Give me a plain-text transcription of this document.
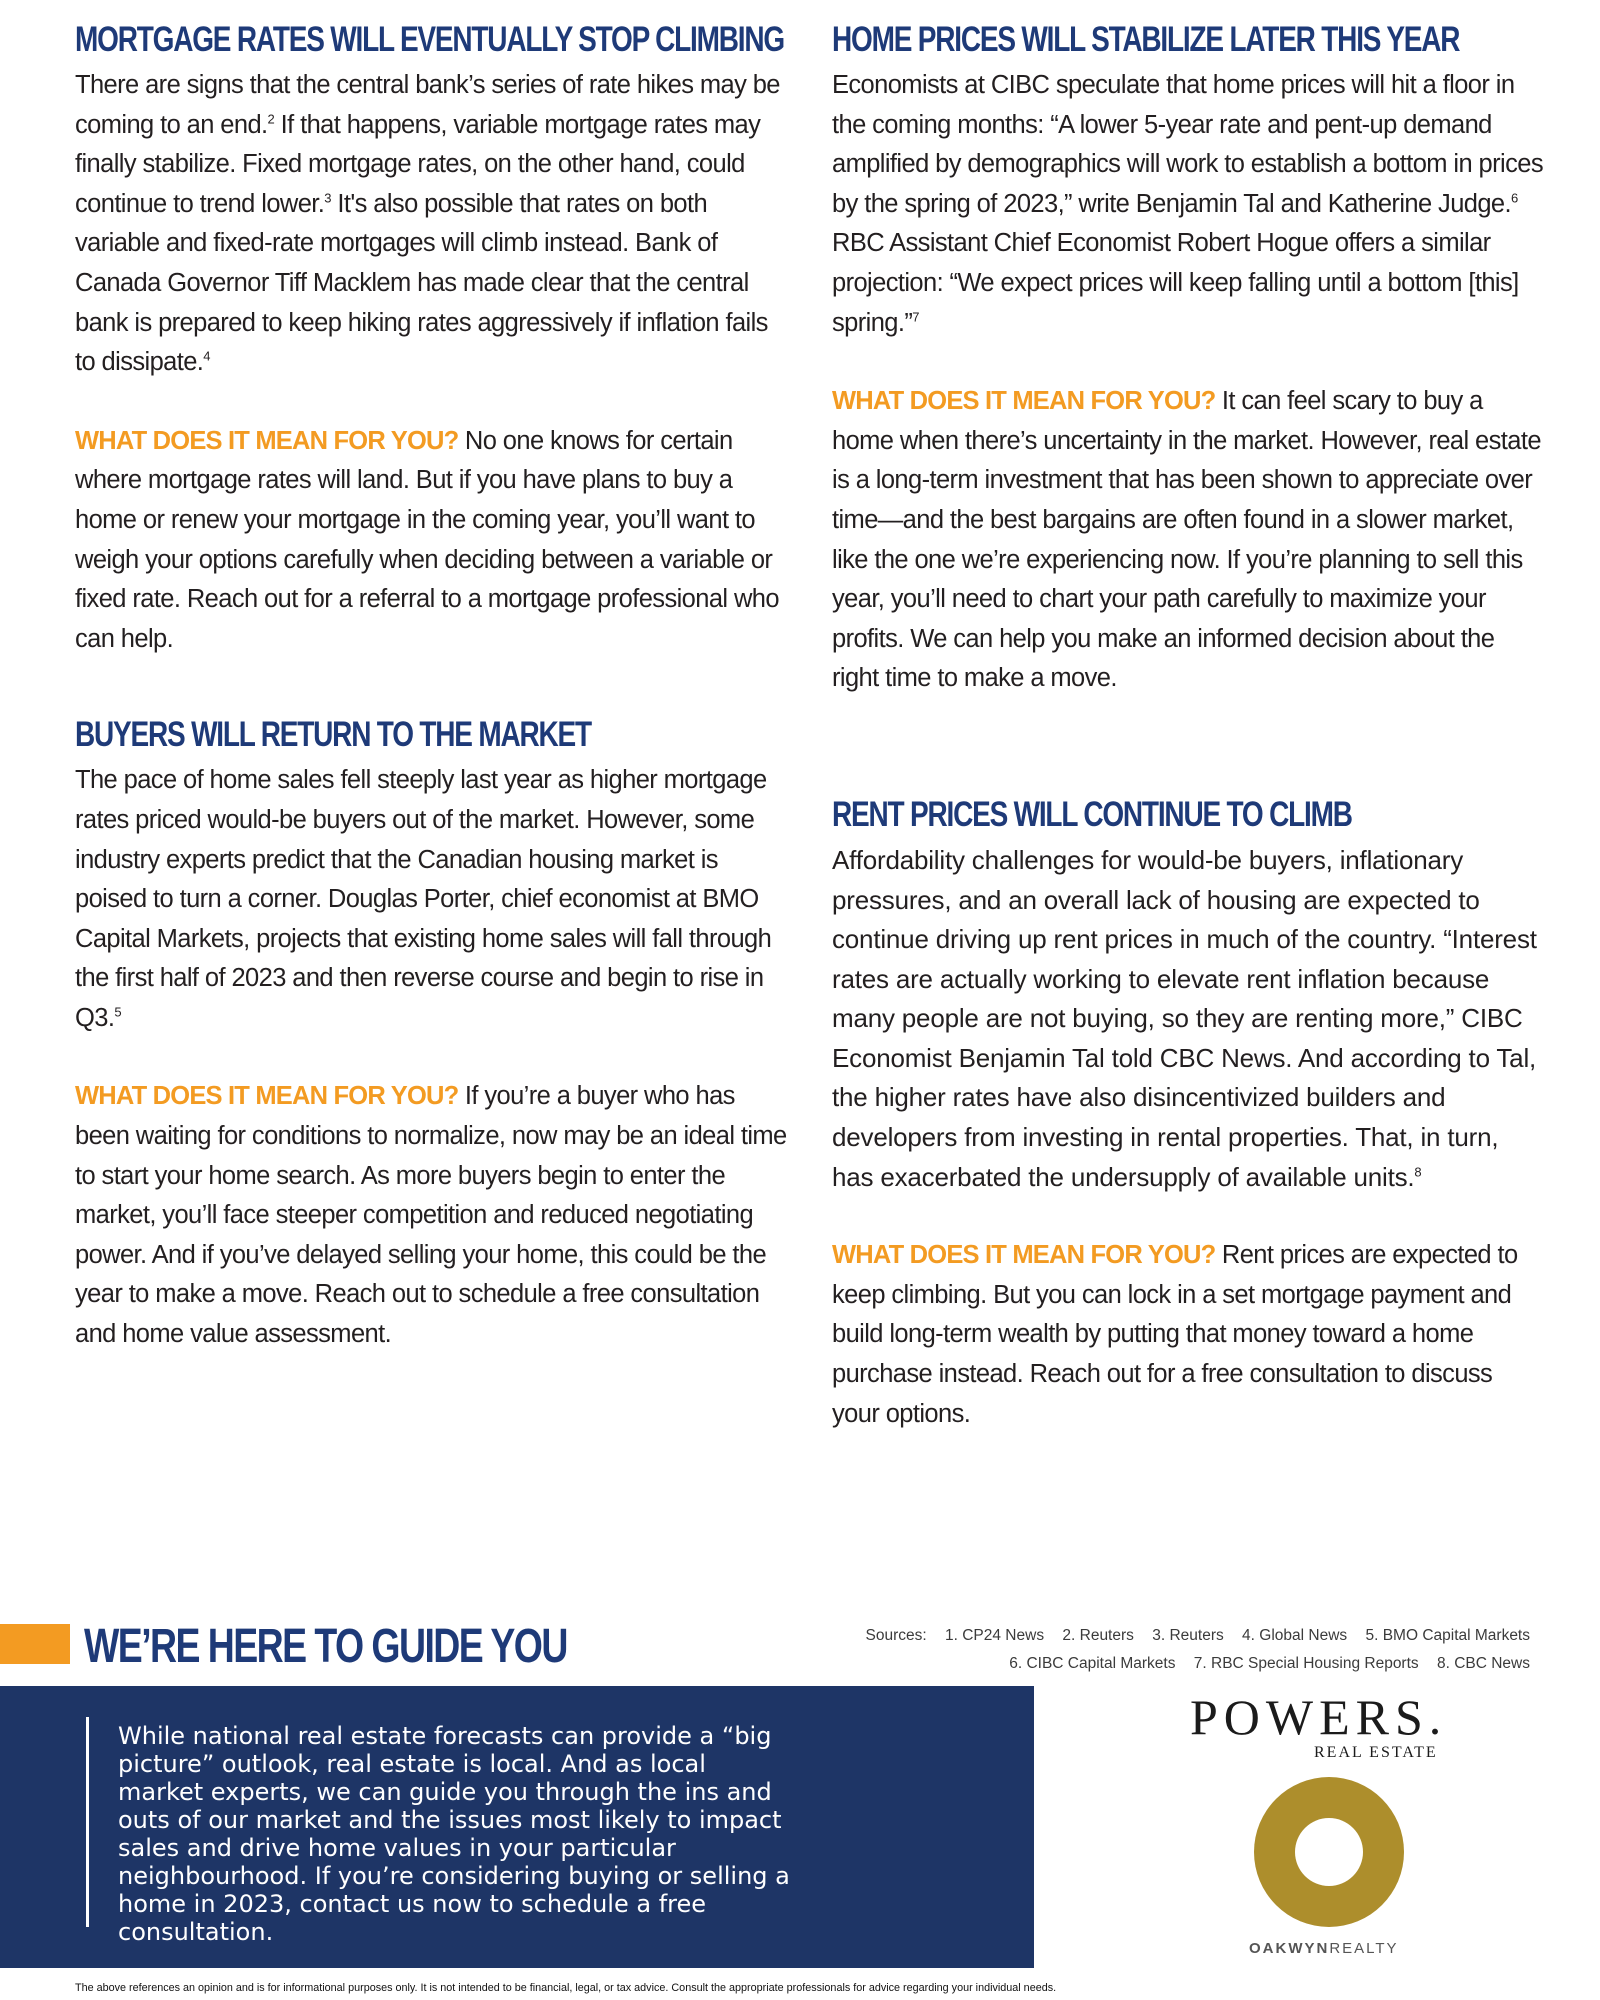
MORTGAGE RATES WILL EVENTUALLY STOP CLIMBING

There are signs that the central bank’s series of rate hikes may be coming to an end.$^2$ If that happens, variable mortgage rates may finally stabilize. Fixed mortgage rates, on the other hand, could continue to trend lower.$^3$ It's also possible that rates on both variable and fixed-rate mortgages will climb instead. Bank of Canada Governor Tiff Macklem has made clear that the central bank is prepared to keep hiking rates aggressively if inflation fails to dissipate.$^4$

WHAT DOES IT MEAN FOR YOU? No one knows for certain where mortgage rates will land. But if you have plans to buy a home or renew your mortgage in the coming year, you’ll want to weigh your options carefully when deciding between a variable or fixed rate. Reach out for a referral to a mortgage professional who can help.

BUYERS WILL RETURN TO THE MARKET

The pace of home sales fell steeply last year as higher mortgage rates priced would-be buyers out of the market. However, some industry experts predict that the Canadian housing market is poised to turn a corner. Douglas Porter, chief economist at BMO Capital Markets, projects that existing home sales will fall through the first half of 2023 and then reverse course and begin to rise in Q3.$^5$

WHAT DOES IT MEAN FOR YOU? If you’re a buyer who has been waiting for conditions to normalize, now may be an ideal time to start your home search. As more buyers begin to enter the market, you’ll face steeper competition and reduced negotiating power. And if you’ve delayed selling your home, this could be the year to make a move. Reach out to schedule a free consultation and home value assessment.

HOME PRICES WILL STABILIZE LATER THIS YEAR

Economists at CIBC speculate that home prices will hit a floor in the coming months: “A lower 5-year rate and pent-up demand amplified by demographics will work to establish a bottom in prices by the spring of 2023,” write Benjamin Tal and Katherine Judge.$^6$ RBC Assistant Chief Economist Robert Hogue offers a similar projection: “We expect prices will keep falling until a bottom [this] spring.”$^7$

WHAT DOES IT MEAN FOR YOU? It can feel scary to buy a home when there’s uncertainty in the market. However, real estate is a long-term investment that has been shown to appreciate over time—and the best bargains are often found in a slower market, like the one we’re experiencing now. If you’re planning to sell this year, you’ll need to chart your path carefully to maximize your profits. We can help you make an informed decision about the right time to make a move.

RENT PRICES WILL CONTINUE TO CLIMB

Affordability challenges for would-be buyers, inflationary pressures, and an overall lack of housing are expected to continue driving up rent prices in much of the country. “Interest rates are actually working to elevate rent inflation because many people are not buying, so they are renting more,” CIBC Economist Benjamin Tal told CBC News. And according to Tal, the higher rates have also disincentivized builders and developers from investing in rental properties. That, in turn, has exacerbated the undersupply of available units.$^8$

WHAT DOES IT MEAN FOR YOU? Rent prices are expected to keep climbing. But you can lock in a set mortgage payment and build long-term wealth by putting that money toward a home purchase instead. Reach out for a free consultation to discuss your options.

Sources: 1. CP24 News 2. Reuters 3. Reuters 4. Global News 5. BMO Capital Markets
6. CIBC Capital Markets 7. RBC Special Housing Reports 8. CBC News
WE’RE HERE TO GUIDE YOU

While national real estate forecasts can provide a “big picture” outlook, real estate is local. And as local market experts, we can guide you through the ins and outs of our market and the issues most likely to impact sales and drive home values in your particular neighbourhood. If you’re considering buying or selling a home in 2023, contact us now to schedule a free consultation.

POWERS.
REAL ESTATE
OAKWYNREALTY

The above references an opinion and is for informational purposes only. It is not intended to be financial, legal, or tax advice. Consult the appropriate professionals for advice regarding your individual needs.
